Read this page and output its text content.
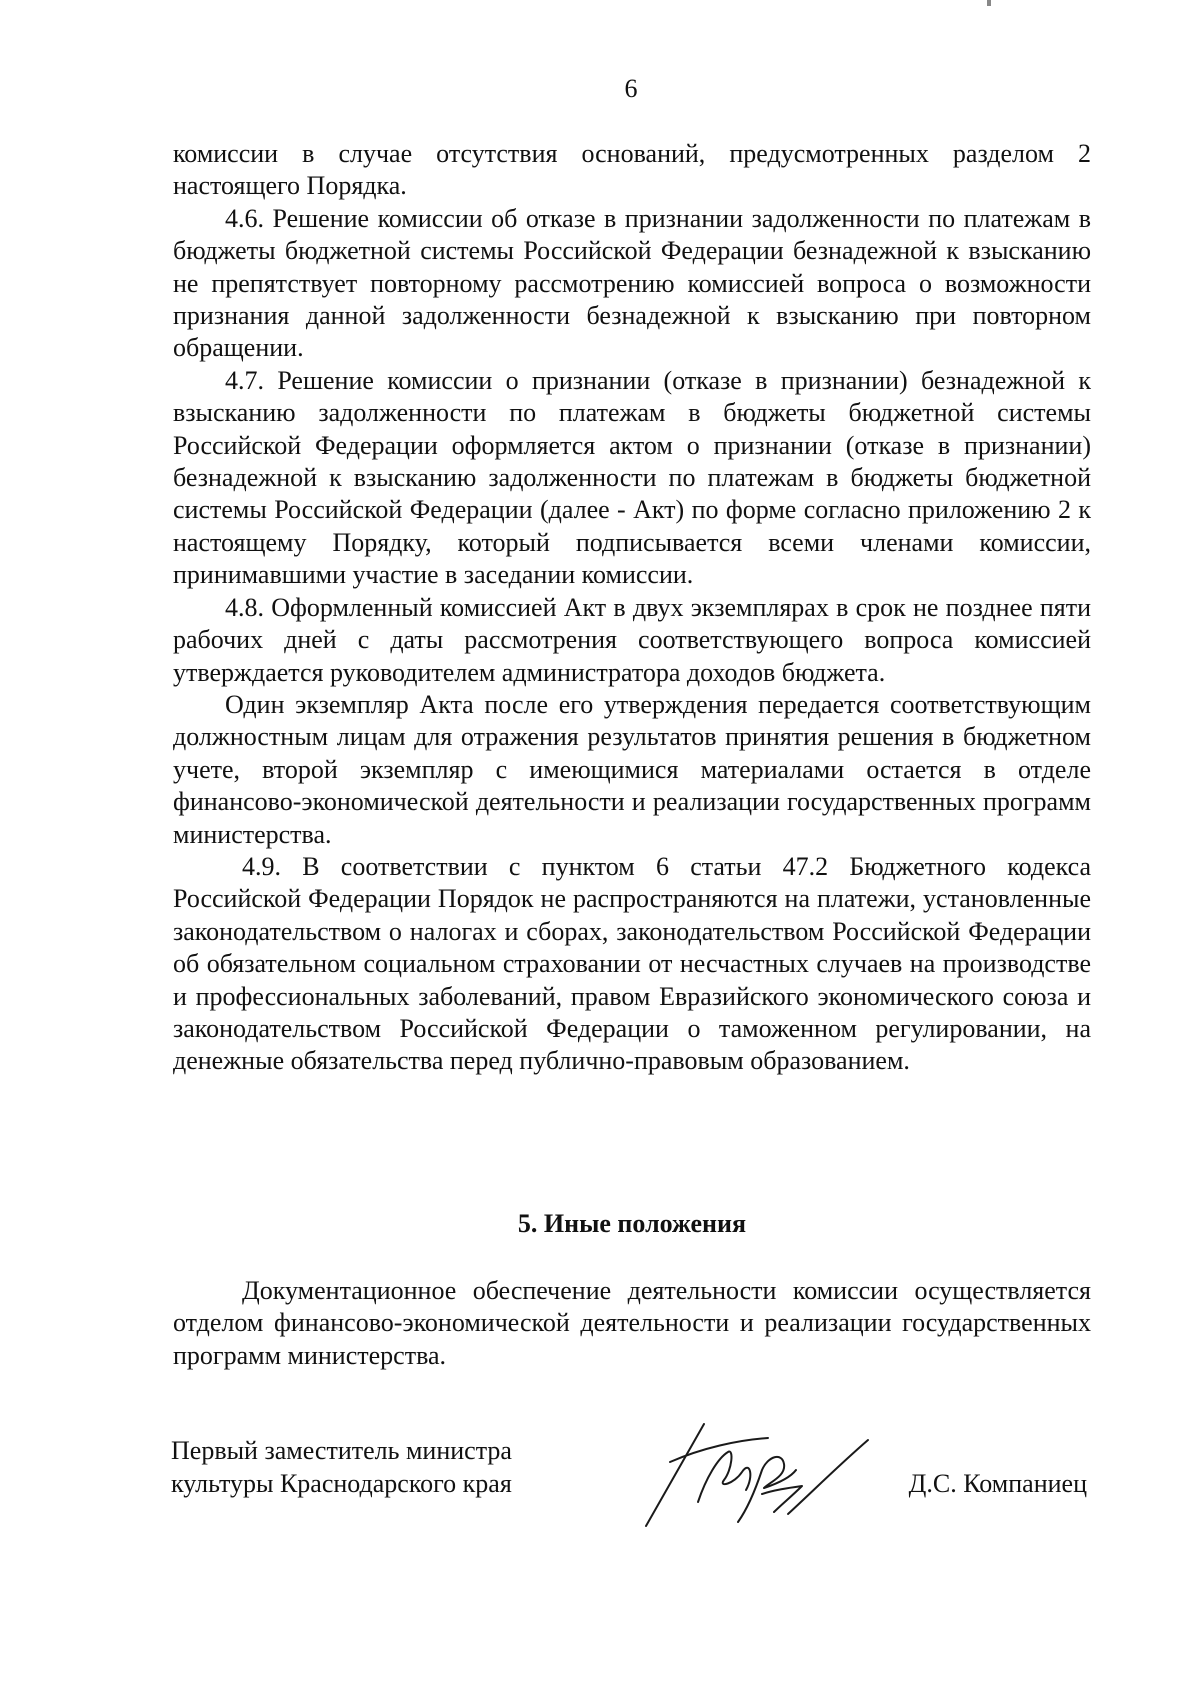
6

комиссии в случае отсутствия оснований, предусмотренных разделом 2 настоящего Порядка.

4.6. Решение комиссии об отказе в признании задолженности по платежам в бюджеты бюджетной системы Российской Федерации безнадежной к взысканию не препятствует повторному рассмотрению комиссией вопроса о возможности признания данной задолженности безнадежной к взысканию при повторном обращении.

4.7. Решение комиссии о признании (отказе в признании) безнадежной к взысканию задолженности по платежам в бюджеты бюджетной системы Российской Федерации оформляется актом о признании (отказе в признании) безнадежной к взысканию задолженности по платежам в бюджеты бюджетной системы Российской Федерации (далее - Акт) по форме согласно приложению 2 к настоящему Порядку, который подписывается всеми членами комиссии, принимавшими участие в заседании комиссии.

4.8. Оформленный комиссией Акт в двух экземплярах в срок не позднее пяти рабочих дней с даты рассмотрения соответствующего вопроса комиссией утверждается руководителем администратора доходов бюджета.

Один экземпляр Акта после его утверждения передается соответствующим должностным лицам для отражения результатов принятия решения в бюджетном учете, второй экземпляр с имеющимися материалами остается в отделе финансово-экономической деятельности и реализации государственных программ министерства.

4.9. В соответствии с пунктом 6 статьи 47.2 Бюджетного кодекса Российской Федерации Порядок не распространяются на платежи, установленные законодательством о налогах и сборах, законодательством Российской Федерации об обязательном социальном страховании от несчастных случаев на производстве и профессиональных заболеваний, правом Евразийского экономического союза и законодательством Российской Федерации о таможенном регулировании, на денежные обязательства перед публично-правовым образованием.

5. Иные положения

Документационное обеспечение деятельности комиссии осуществляется отделом финансово-экономической деятельности и реализации государственных программ министерства.

Первый заместитель министра
культуры Краснодарского края	Д.С. Компаниец
